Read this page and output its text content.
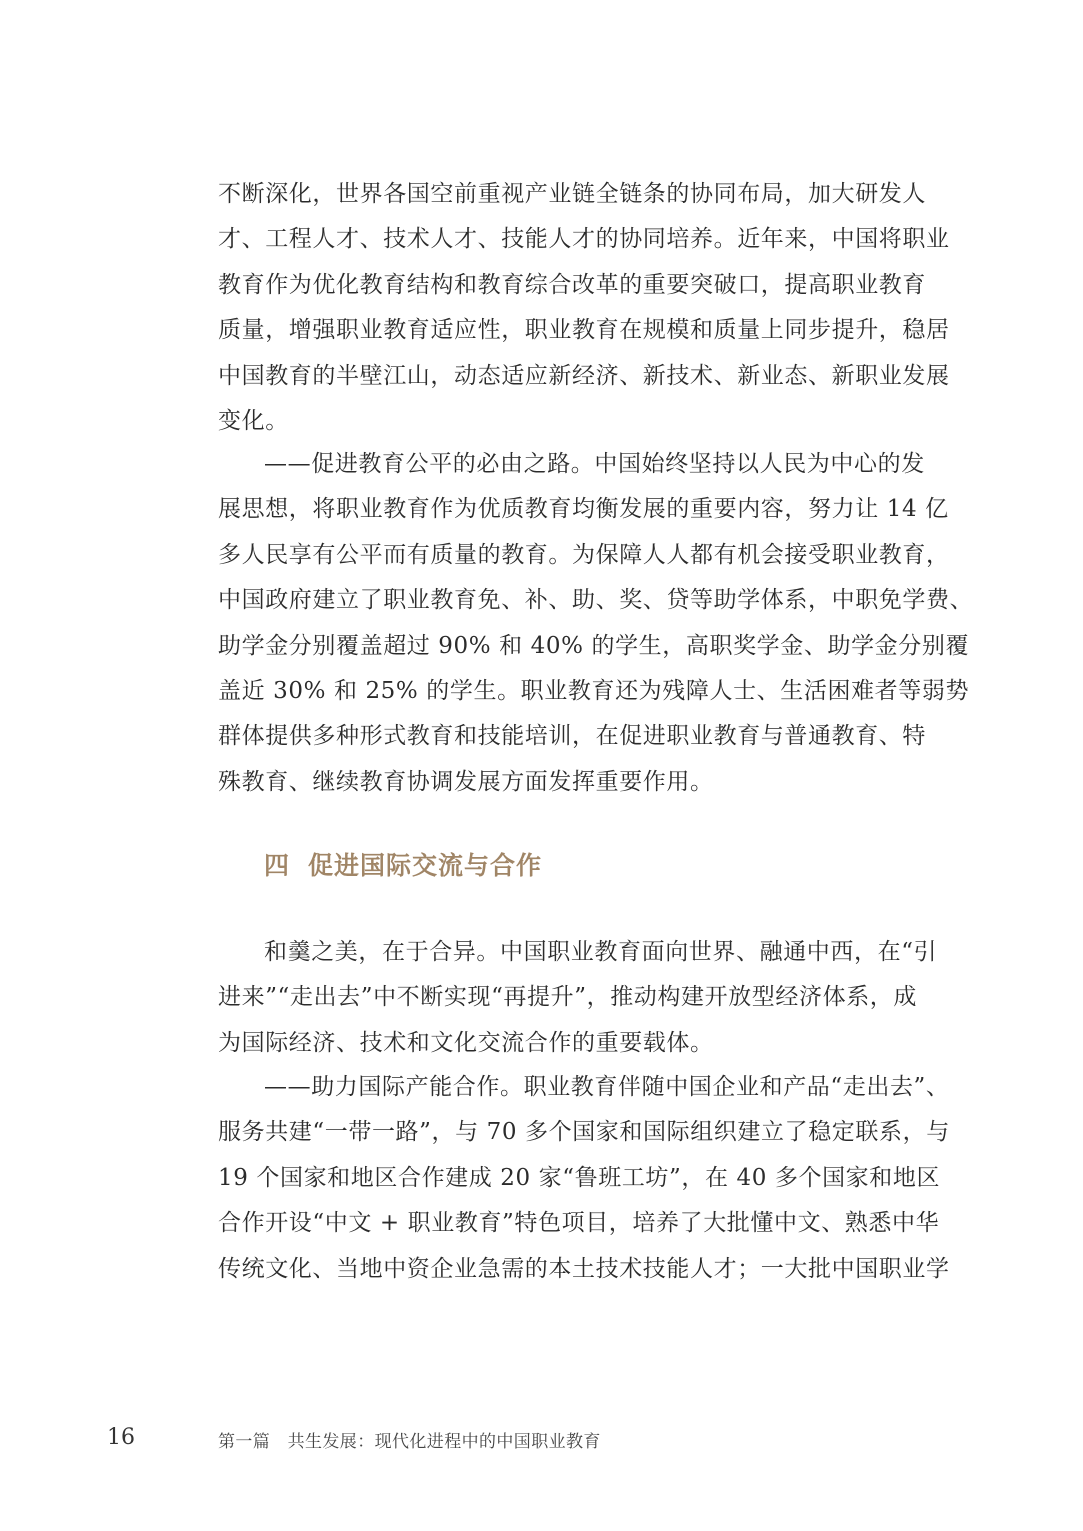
不断深化，世界各国空前重视产业链全链条的协同布局，加大研发人
才、工程人才、技术人才、技能人才的协同培养。近年来，中国将职业
教育作为优化教育结构和教育综合改革的重要突破口，提高职业教育
质量，增强职业教育适应性，职业教育在规模和质量上同步提升，稳居
中国教育的半壁江山，动态适应新经济、新技术、新业态、新职业发展
变化。
——促进教育公平的必由之路。中国始终坚持以人民为中心的发
展思想，将职业教育作为优质教育均衡发展的重要内容，努力让 14 亿
多人民享有公平而有质量的教育。为保障人人都有机会接受职业教育，
中国政府建立了职业教育免、补、助、奖、贷等助学体系，中职免学费、
助学金分别覆盖超过 90% 和 40% 的学生，高职奖学金、助学金分别覆
盖近 30% 和 25% 的学生。职业教育还为残障人士、生活困难者等弱势
群体提供多种形式教育和技能培训，在促进职业教育与普通教育、特
殊教育、继续教育协调发展方面发挥重要作用。
四 促进国际交流与合作
和羹之美，在于合异。中国职业教育面向世界、融通中西，在“引
进来”“走出去”中不断实现“再提升”，推动构建开放型经济体系，成
为国际经济、技术和文化交流合作的重要载体。
——助力国际产能合作。职业教育伴随中国企业和产品“走出去”、
服务共建“一带一路”，与 70 多个国家和国际组织建立了稳定联系，与
19 个国家和地区合作建成 20 家“鲁班工坊”，在 40 多个国家和地区
合作开设“中文 + 职业教育”特色项目，培养了大批懂中文、熟悉中华
传统文化、当地中资企业急需的本土技术技能人才；一大批中国职业学
16	第一篇　共生发展：现代化进程中的中国职业教育
